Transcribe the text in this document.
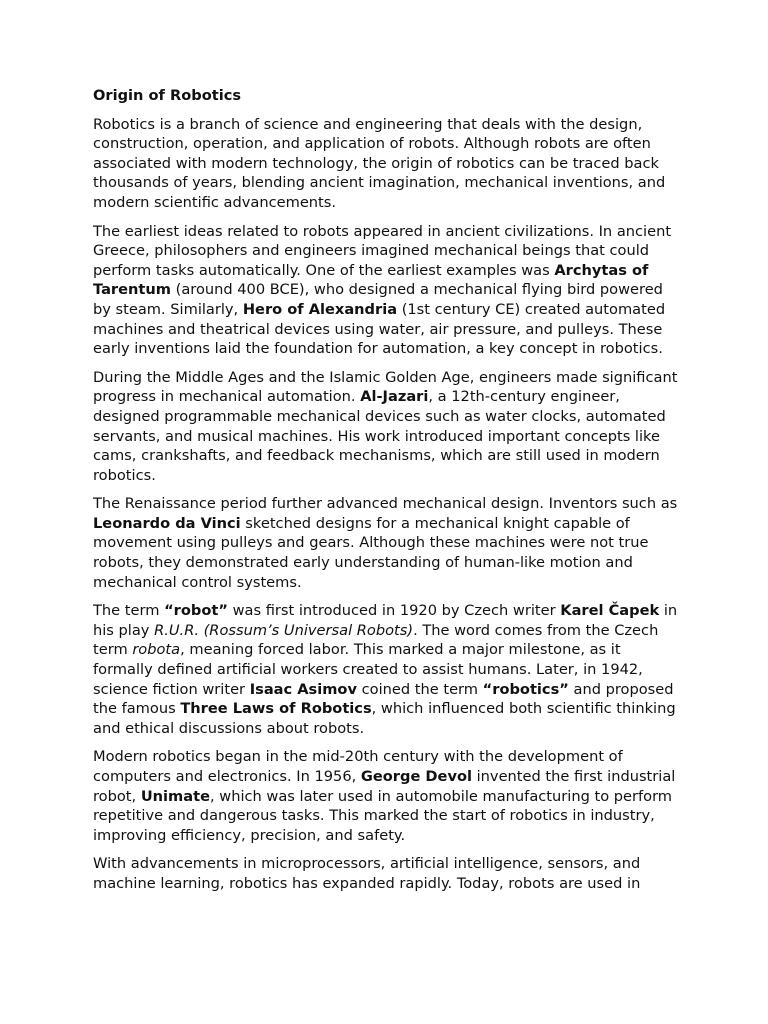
Origin of Robotics

Robotics is a branch of science and engineering that deals with the design, construction, operation, and application of robots. Although robots are often associated with modern technology, the origin of robotics can be traced back thousands of years, blending ancient imagination, mechanical inventions, and modern scientific advancements.

The earliest ideas related to robots appeared in ancient civilizations. In ancient Greece, philosophers and engineers imagined mechanical beings that could perform tasks automatically. One of the earliest examples was Archytas of Tarentum (around 400 BCE), who designed a mechanical flying bird powered by steam. Similarly, Hero of Alexandria (1st century CE) created automated machines and theatrical devices using water, air pressure, and pulleys. These early inventions laid the foundation for automation, a key concept in robotics.

During the Middle Ages and the Islamic Golden Age, engineers made significant progress in mechanical automation. Al-Jazari, a 12th-century engineer, designed programmable mechanical devices such as water clocks, automated servants, and musical machines. His work introduced important concepts like cams, crankshafts, and feedback mechanisms, which are still used in modern robotics.

The Renaissance period further advanced mechanical design. Inventors such as Leonardo da Vinci sketched designs for a mechanical knight capable of movement using pulleys and gears. Although these machines were not true robots, they demonstrated early understanding of human-like motion and mechanical control systems.

The term “robot” was first introduced in 1920 by Czech writer Karel Čapek in his play R.U.R. (Rossum’s Universal Robots). The word comes from the Czech term robota, meaning forced labor. This marked a major milestone, as it formally defined artificial workers created to assist humans. Later, in 1942, science fiction writer Isaac Asimov coined the term “robotics” and proposed the famous Three Laws of Robotics, which influenced both scientific thinking and ethical discussions about robots.

Modern robotics began in the mid-20th century with the development of computers and electronics. In 1956, George Devol invented the first industrial robot, Unimate, which was later used in automobile manufacturing to perform repetitive and dangerous tasks. This marked the start of robotics in industry, improving efficiency, precision, and safety.

With advancements in microprocessors, artificial intelligence, sensors, and machine learning, robotics has expanded rapidly. Today, robots are used in
